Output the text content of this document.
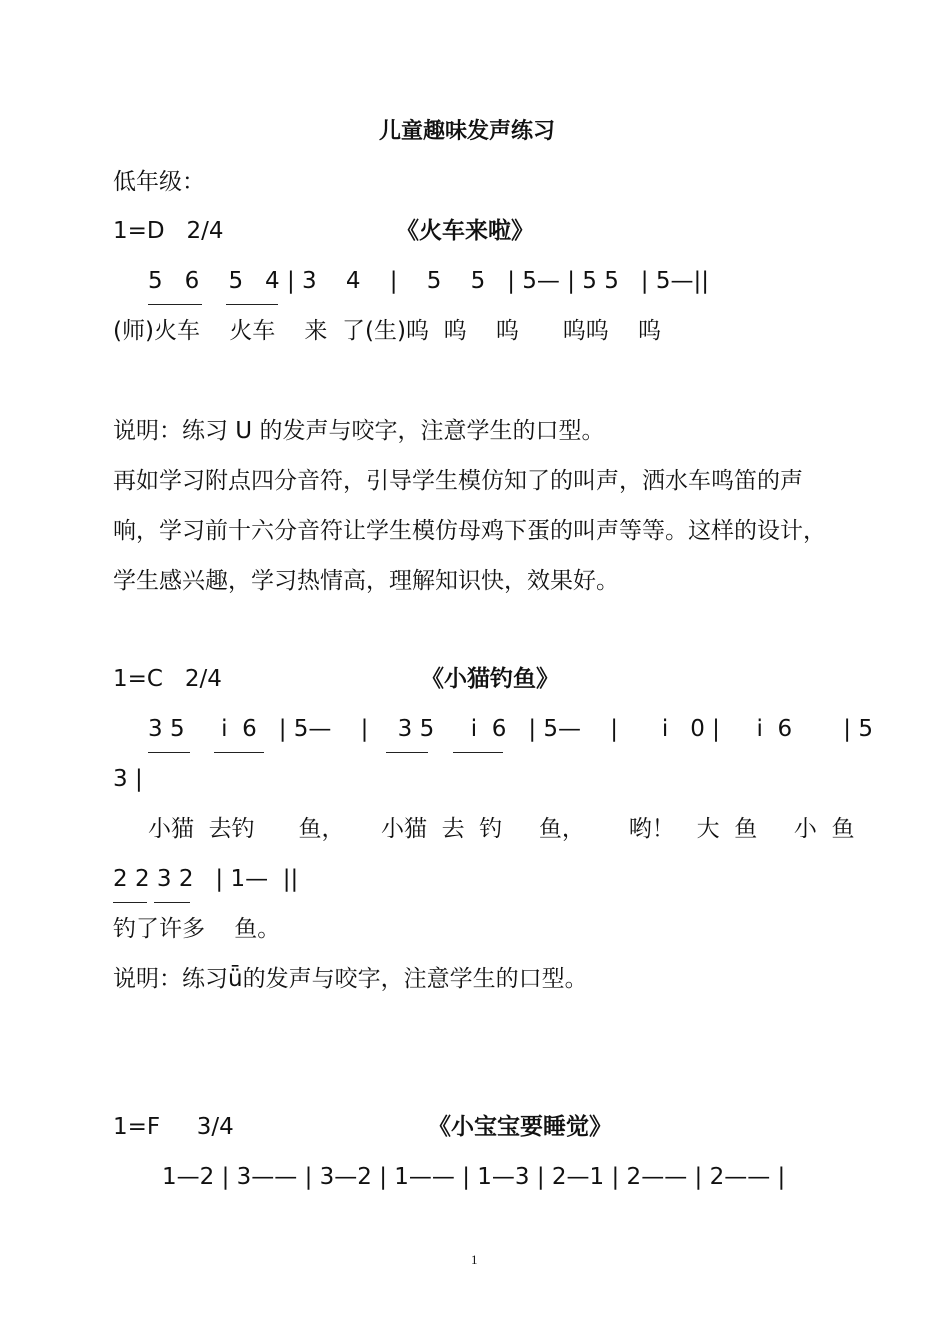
儿童趣味发声练习
低年级：
1=D   2/4	《火车来啦》
5   6    5   4 | 3    4    |    5    5   | 5— | 5 5   | 5—||
(师)火车    火车    来  了(生)呜  呜    呜      呜呜    呜
说明：练习 U 的发声与咬字，注意学生的口型。
再如学习附点四分音符，引导学生模仿知了的叫声，洒水车鸣笛的声
响，学习前十六分音符让学生模仿母鸡下蛋的叫声等等。这样的设计，
学生感兴趣，学习热情高，理解知识快，效果好。
1=C   2/4	《小猫钓鱼》
3 5     i  6   | 5—    |    3 5     i  6   | 5—    |      i   0 |     i  6       | 5
3 |
小猫  去钓      鱼，     小猫  去  钓     鱼，      哟！   大  鱼     小  鱼
2 2 3 2   | 1—  ||
钓了许多    鱼。
说明：练习ǖ的发声与咬字，注意学生的口型。
1=F     3/4	《小宝宝要睡觉》
1—2 | 3—— | 3—2 | 1—— | 1—3 | 2—1 | 2—— | 2—— |
1
